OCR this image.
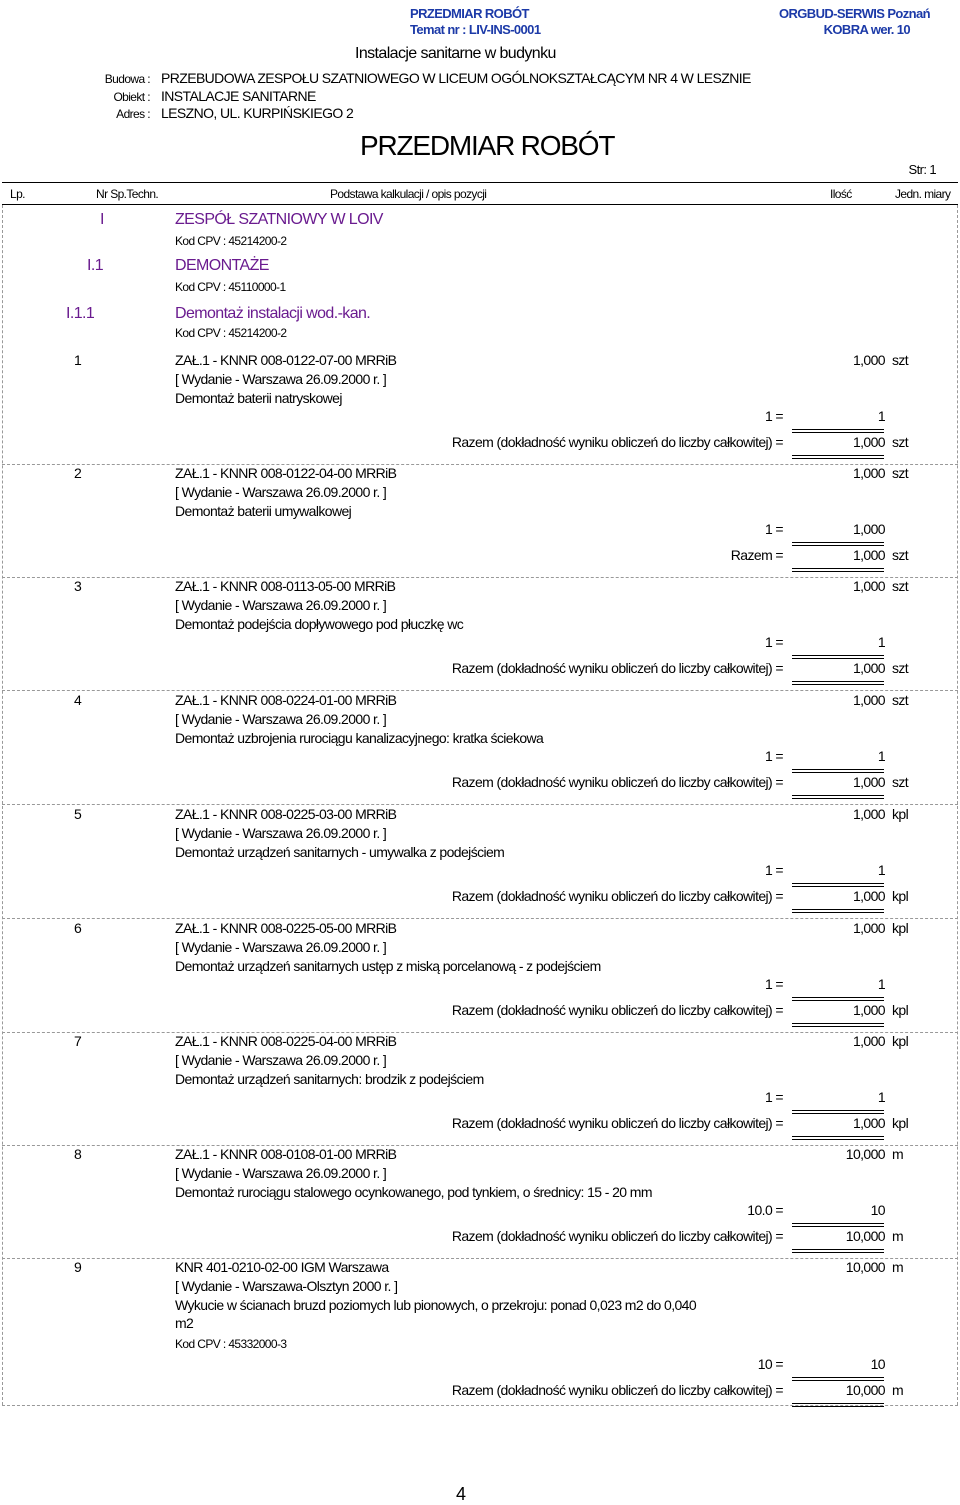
PRZEDMIAR ROBÓT
Temat nr : LIV-INS-0001
ORGBUD-SERWIS Poznań
KOBRA wer. 10
Instalacje sanitarne w budynku
Budowa : PRZEBUDOWA ZESPOŁU SZATNIOWEGO W LICEUM OGÓLNOKSZTAŁCĄCYM NR 4 W LESZNIE
Obiekt : INSTALACJE SANITARNE
Adres : LESZNO, UL. KURPIŃSKIEGO 2
PRZEDMIAR ROBÓT
Str: 1
Lp.	Nr Sp.Techn.	Podstawa kalkulacji / opis pozycji	Ilość	Jedn. miary
I	ZESPÓŁ SZATNIOWY W LOIV
Kod CPV : 45214200-2
I.1	DEMONTAŻE
Kod CPV : 45110000-1
I.1.1	Demontaż instalacji wod.-kan.
Kod CPV : 45214200-2
1	ZAŁ.1 - KNNR 008-0122-07-00 MRRiB	1,000 szt
[ Wydanie - Warszawa 26.09.2000 r. ]
Demontaż baterii natryskowej
1 =	1
Razem (dokładność wyniku obliczeń do liczby całkowitej) =	1,000 szt
2	ZAŁ.1 - KNNR 008-0122-04-00 MRRiB	1,000 szt
[ Wydanie - Warszawa 26.09.2000 r. ]
Demontaż baterii umywalkowej
1 =	1,000
Razem =	1,000 szt
3	ZAŁ.1 - KNNR 008-0113-05-00 MRRiB	1,000 szt
[ Wydanie - Warszawa 26.09.2000 r. ]
Demontaż podejścia dopływowego pod płuczkę wc
1 =	1
Razem (dokładność wyniku obliczeń do liczby całkowitej) =	1,000 szt
4	ZAŁ.1 - KNNR 008-0224-01-00 MRRiB	1,000 szt
[ Wydanie - Warszawa 26.09.2000 r. ]
Demontaż uzbrojenia rurociągu kanalizacyjnego: kratka ściekowa
1 =	1
Razem (dokładność wyniku obliczeń do liczby całkowitej) =	1,000 szt
5	ZAŁ.1 - KNNR 008-0225-03-00 MRRiB	1,000 kpl
[ Wydanie - Warszawa 26.09.2000 r. ]
Demontaż urządzeń sanitarnych - umywalka z podejściem
1 =	1
Razem (dokładność wyniku obliczeń do liczby całkowitej) =	1,000 kpl
6	ZAŁ.1 - KNNR 008-0225-05-00 MRRiB	1,000 kpl
[ Wydanie - Warszawa 26.09.2000 r. ]
Demontaż urządzeń sanitarnych ustęp z miską porcelanową - z podejściem
1 =	1
Razem (dokładność wyniku obliczeń do liczby całkowitej) =	1,000 kpl
7	ZAŁ.1 - KNNR 008-0225-04-00 MRRiB	1,000 kpl
[ Wydanie - Warszawa 26.09.2000 r. ]
Demontaż urządzeń sanitarnych: brodzik z podejściem
1 =	1
Razem (dokładność wyniku obliczeń do liczby całkowitej) =	1,000 kpl
8	ZAŁ.1 - KNNR 008-0108-01-00 MRRiB	10,000 m
[ Wydanie - Warszawa 26.09.2000 r. ]
Demontaż rurociągu stalowego ocynkowanego, pod tynkiem, o średnicy: 15 - 20 mm
10.0 =	10
Razem (dokładność wyniku obliczeń do liczby całkowitej) =	10,000 m
9	KNR 401-0210-02-00 IGM Warszawa	10,000 m
[ Wydanie - Warszawa-Olsztyn 2000 r. ]
Wykucie w ścianach bruzd poziomych lub pionowych, o przekroju: ponad 0,023 m2 do 0,040
m2
Kod CPV : 45332000-3
10 =	10
Razem (dokładność wyniku obliczeń do liczby całkowitej) =	10,000 m
4
